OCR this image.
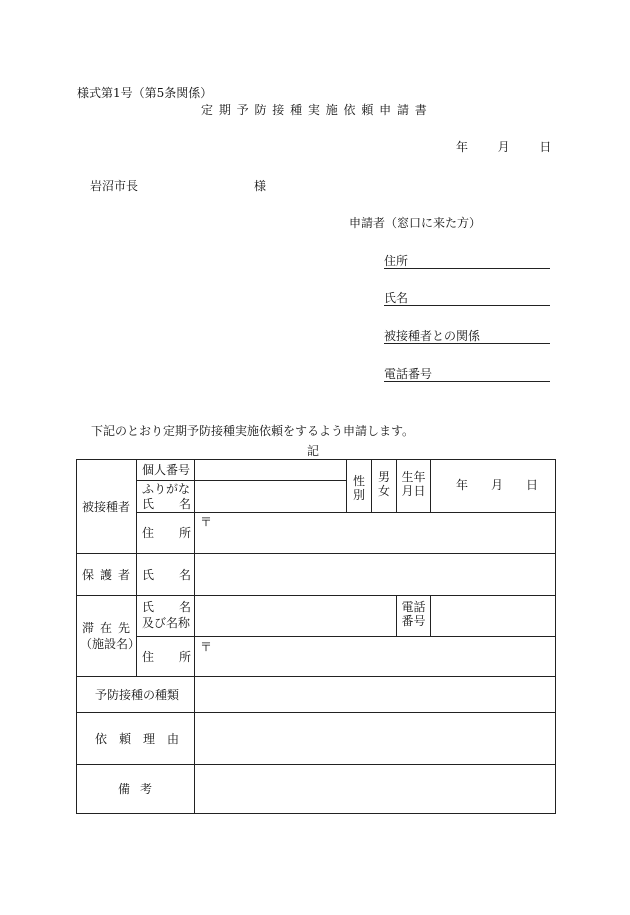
様式第1号（第5条関係）
定 期 予 防 接 種 実 施 依 頼 申 請 書
年 月 日
岩沼市長	様
申請者（窓口に来た方）
住所
氏名
被接種者との関係
電話番号
下記のとおり定期予防接種実施依頼をするよう申請します。
記
被接種者
個人番号
ふりがな
氏 名
性
別
男
女
生年
月日	年 月 日
住 所
〒
保 護 者 氏 名
滞 在 先
（施設名）
氏 名
及び名称
電話
番号
住 所
〒
予防接種の種類
依 頼 理 由
備 考
